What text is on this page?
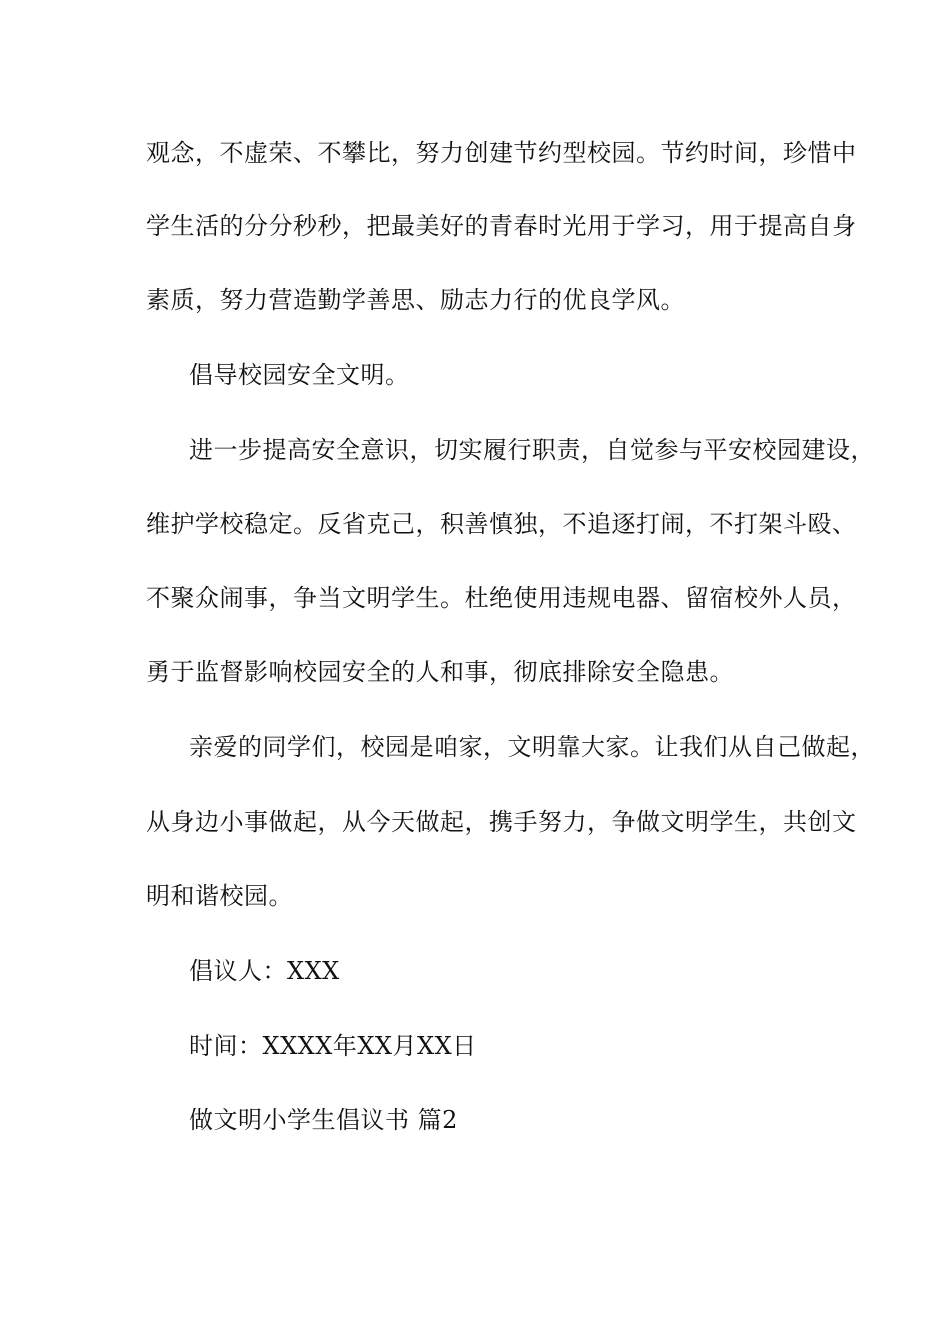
观念，不虚荣、不攀比，努力创建节约型校园。节约时间，珍惜中
学生活的分分秒秒，把最美好的青春时光用于学习，用于提高自身
素质，努力营造勤学善思、励志力行的优良学风。
倡导校园安全文明。
进一步提高安全意识，切实履行职责，自觉参与平安校园建设，
维护学校稳定。反省克己，积善慎独，不追逐打闹，不打架斗殴、
不聚众闹事，争当文明学生。杜绝使用违规电器、留宿校外人员，
勇于监督影响校园安全的人和事，彻底排除安全隐患。
亲爱的同学们，校园是咱家，文明靠大家。让我们从自己做起，
从身边小事做起，从今天做起，携手努力，争做文明学生，共创文
明和谐校园。
倡议人：XXX
时间：XXXX年XX月XX日
做文明小学生倡议书 篇2
